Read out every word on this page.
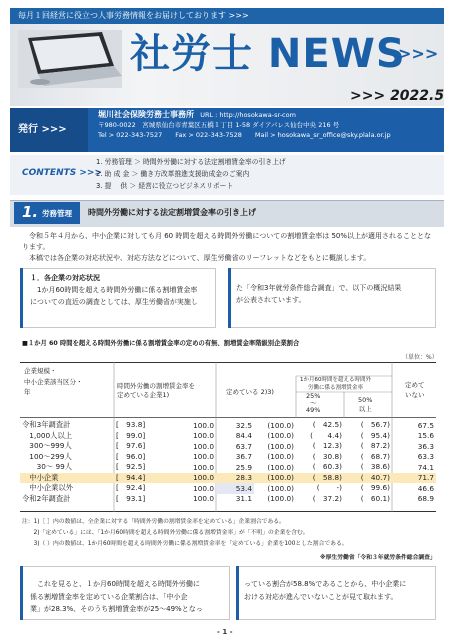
毎月１回経営に役立つ人事労務情報をお届けしております >>>
社労士 NEWS
>>>
>>> 2022.5
発行 >>>
堀川社会保険労務士事務所 URL : http://hosokawa-sr-com
〒980-0022　宮城県仙台市青葉区五橋１丁目 1-58 ダイアパレス仙台中央 216 号
Tel > 022-343-7527　　Fax > 022-343-7528　　Mail > hosokawa_sr_office@sky.plala.or.jp
CONTENTS >>>
1. 労務管理 ＞ 時間外労働に対する法定割増賃金率の引き上げ
2. 助 成 金 ＞ 働き方改革推進支援助成金のご案内
3. 提　 供 ＞ 経営に役立つビジネスリポート
1. 労務管理 時間外労働に対する法定割増賃金率の引き上げ
令和５年４月から、中小企業に対しても月 60 時間を超える時間外労働についての割増賃金率は 50%以上が適用されることとなります。
本稿では各企業の対応状況や、対応方法などについて、厚生労働省のリーフレットなどをもとに概説します。
１．各企業の対応状況
1か月60時間を超える時間外労働に係る割増賃金率
についての直近の調査としては、厚生労働省が実施し
た「令和3年就労条件総合調査」で、以下の概況結果
が公表されています。
■１か月 60 時間を超える時間外労働に係る割増賃金率の定めの有無、割増賃金率階級別企業割合
（単位：%）
企業規模・
中小企業該当区分・
年
時間外労働の割増賃金率を
定めている企業1)	定めている 2)3)
1か月60時間を超える時間外
労働に係る割増賃金率
25%
～
49%
50%
以上
定めて
いない
令和3年調査計	[　93.8]	100.0	32.5	(100.0)	(　42.5)	(　56.7)	67.5
　1,000人以上	[　99.0]	100.0	84.4	(100.0)	(　　4.4)	(　95.4)	15.6
　300～999人	[　97.6]	100.0	63.7	(100.0)	(　12.3)	(　87.2)	36.3
　100～299人	[　96.0]	100.0	36.7	(100.0)	(　30.8)	(　68.7)	63.3
　　30～ 99人	[　92.5]	100.0	25.9	(100.0)	(　60.3)	(　38.6)	74.1
　中小企業	[　94.4]	100.0	28.3	(100.0)	(　58.8)	(　40.7)	71.7
　中小企業以外	[　92.4]	100.0	53.4	(100.0)	(　　 -)	(　99.6)	46.6
令和2年調査計	[　93.1]	100.0	31.1	(100.0)	(　37.2)	(　60.1)	68.9
注：1)［ ］内の数値は、全企業に対する「時間外労働の割増賃金率を定めている」企業割合である。
　　2)「定めている」には、「1か月60時間を超える時間外労働に係る割増賃金率」が「不明」の企業を含む。
　　3)（ ）内の数値は、1か月60時間を超える時間外労働に係る割増賃金率を「定めている」企業を100とした割合である。
※厚生労働省「令和３年就労条件総合調査」
これを見ると、１か月60時間を超える時間外労働に
係る割増賃金率を定めている企業割合は、「中小企
業」が28.3%、そのうち割増賃金率が25～49%となっ
っている割合が58.8%であることから、中小企業に
おける対応が進んでいないことが見て取れます。
- 1 -
